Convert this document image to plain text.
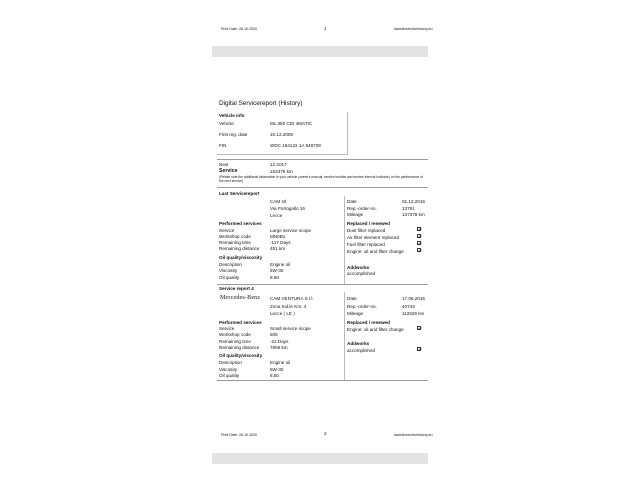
Print Date: 28.10.2020	1	daimlerservicehistory.eu
Digital Servicereport (History)
Vehicle info
Vehicle	ML 350 CDI 4MATIC
First reg. date	10.12.2009
FIN	WDC 164122 1A 548709
Next	12.2017
Service	162378 km
(Please note the additional information in your vehicle (owner's manual, service booklet and service interval indicator) on the performance of the next service)
Last Servicereport
CAM srl
Via Portogallo 16
Lecce
Date	01.12.2016
Rep.-order-no.	13791
Mileage	137378 km
Performed services
Service	Large service scope
Workshop code	MN0B1
Remaining time	-117 Days
Remaining distance 451 km
Replaced / renewed
Dust filter replaced
Air filter element replaced
Fuel filter replaced
Engine: oil and filter change
Oil quality/viscosity
Description	Engine oil
Viscosity	5W-30
Oil quality	8.50
Addworks
accomplished
Service report 4
Mercedes-Benz CAM VENTURA S.r.l.
Zona Ind.le Km. 4
Lecce ( LE )
Date	17.08.2015
Rep.-order-no.	40742
Mileage	112629 km
Performed services
Service	Small service scope
Workshop code	505
Remaining time	-22 Days
Remaining distance 7856 km
Replaced / renewed
Engine: oil and filter change
Addworks
accomplished
Oil quality/viscosity
Description	Engine oil
Viscosity	5W-30
Oil quality	8,50
Print Date: 28.10.2020	2	daimlerservicehistory.eu
